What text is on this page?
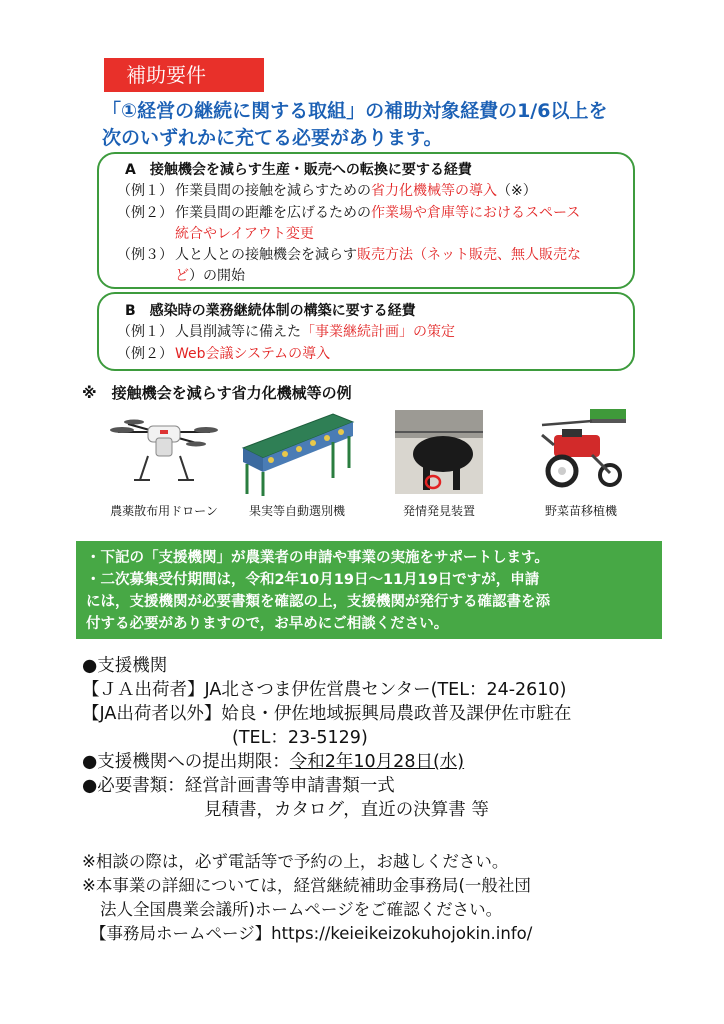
補助要件
「①経営の継続に関する取組」の補助対象経費の1/6以上を
次のいずれかに充てる必要があります。
A　接触機会を減らす生産・販売への転換に要する経費
（例１） 作業員間の接触を減らすための省力化機械等の導入（※）
（例２） 作業員間の距離を広げるための作業場や倉庫等におけるスペース
統合やレイアウト変更
（例３） 人と人との接触機会を減らす販売方法（ネット販売、無人販売な
ど）の開始
B　感染時の業務継続体制の構築に要する経費
（例１） 人員削減等に備えた「事業継続計画」の策定
（例２） Web会議システムの導入
※　接触機会を減らす省力化機械等の例
農薬散布用ドローン	果実等自動選別機	発情発見装置	野菜苗移植機
・下記の「支援機関」が農業者の申請や事業の実施をサポートします。
・二次募集受付期間は，令和2年10月19日～11月19日ですが，申請
には，支援機関が必要書類を確認の上，支援機関が発行する確認書を添
付する必要がありますので，お早めにご相談ください。
●支援機関
【ＪＡ出荷者】JA北さつま伊佐営農センター(TEL：24-2610)
【JA出荷者以外】姶良・伊佐地域振興局農政普及課伊佐市駐在
(TEL：23-5129)
●支援機関への提出期限：令和2年10月28日(水)
●必要書類：経営計画書等申請書類一式
見積書，カタログ，直近の決算書 等
※相談の際は，必ず電話等で予約の上，お越しください。
※本事業の詳細については，経営継続補助金事務局(一般社団
法人全国農業会議所)ホームページをご確認ください。
【事務局ホームページ】https://keieikeizokuhojokin.info/
